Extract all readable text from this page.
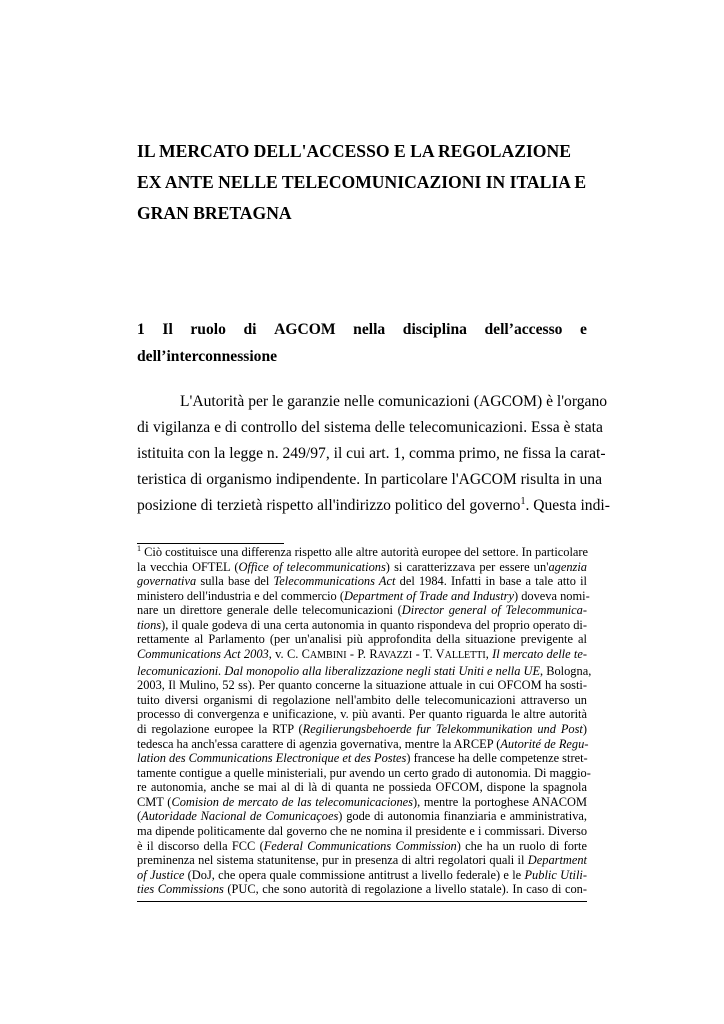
IL MERCATO DELL'ACCESSO E LA REGOLAZIONE
EX ANTE NELLE TELECOMUNICAZIONI IN ITALIA E
GRAN BRETAGNA
1 Il ruolo di AGCOM nella disciplina dell’accesso e
dell’interconnessione
L'Autorità per le garanzie nelle comunicazioni (AGCOM) è l'organo
di vigilanza e di controllo del sistema delle telecomunicazioni. Essa è stata
istituita con la legge n. 249/97, il cui art. 1, comma primo, ne fissa la carat-
teristica di organismo indipendente. In particolare l'AGCOM risulta in una
posizione di terzietà rispetto all'indirizzo politico del governo$^1$. Questa indi-
$^1$ Ciò costituisce una differenza rispetto alle altre autorità europee del settore. In particolare
la vecchia OFTEL (Office of telecommunications) si caratterizzava per essere un'agenzia
governativa sulla base del Telecommunications Act del 1984. Infatti in base a tale atto il
ministero dell'industria e del commercio (Department of Trade and Industry) doveva nomi-
nare un direttore generale delle telecomunicazioni (Director general of Telecommunica-
tions), il quale godeva di una certa autonomia in quanto rispondeva del proprio operato di-
rettamente al Parlamento (per un'analisi più approfondita della situazione previgente al
Communications Act 2003, v. C. CAMBINI - P. RAVAZZI - T. VALLETTI, Il mercato delle te-
lecomunicazioni. Dal monopolio alla liberalizzazione negli stati Uniti e nella UE, Bologna,
2003, Il Mulino, 52 ss). Per quanto concerne la situazione attuale in cui OFCOM ha sosti-
tuito diversi organismi di regolazione nell'ambito delle telecomunicazioni attraverso un
processo di convergenza e unificazione, v. più avanti. Per quanto riguarda le altre autorità
di regolazione europee la RTP (Regilierungsbehoerde fur Telekommunikation und Post)
tedesca ha anch'essa carattere di agenzia governativa, mentre la ARCEP (Autorité de Regu-
lation des Communications Electronique et des Postes) francese ha delle competenze stret-
tamente contigue a quelle ministeriali, pur avendo un certo grado di autonomia. Di maggio-
re autonomia, anche se mai al di là di quanta ne possieda OFCOM, dispone la spagnola
CMT (Comision de mercato de las telecomunicaciones), mentre la portoghese ANACOM
(Autoridade Nacional de Comunicaçoes) gode di autonomia finanziaria e amministrativa,
ma dipende politicamente dal governo che ne nomina il presidente e i commissari. Diverso
è il discorso della FCC (Federal Communications Commission) che ha un ruolo di forte
preminenza nel sistema statunitense, pur in presenza di altri regolatori quali il Department
of Justice (DoJ, che opera quale commissione antitrust a livello federale) e le Public Utili-
ties Commissions (PUC, che sono autorità di regolazione a livello statale). In caso di con-
